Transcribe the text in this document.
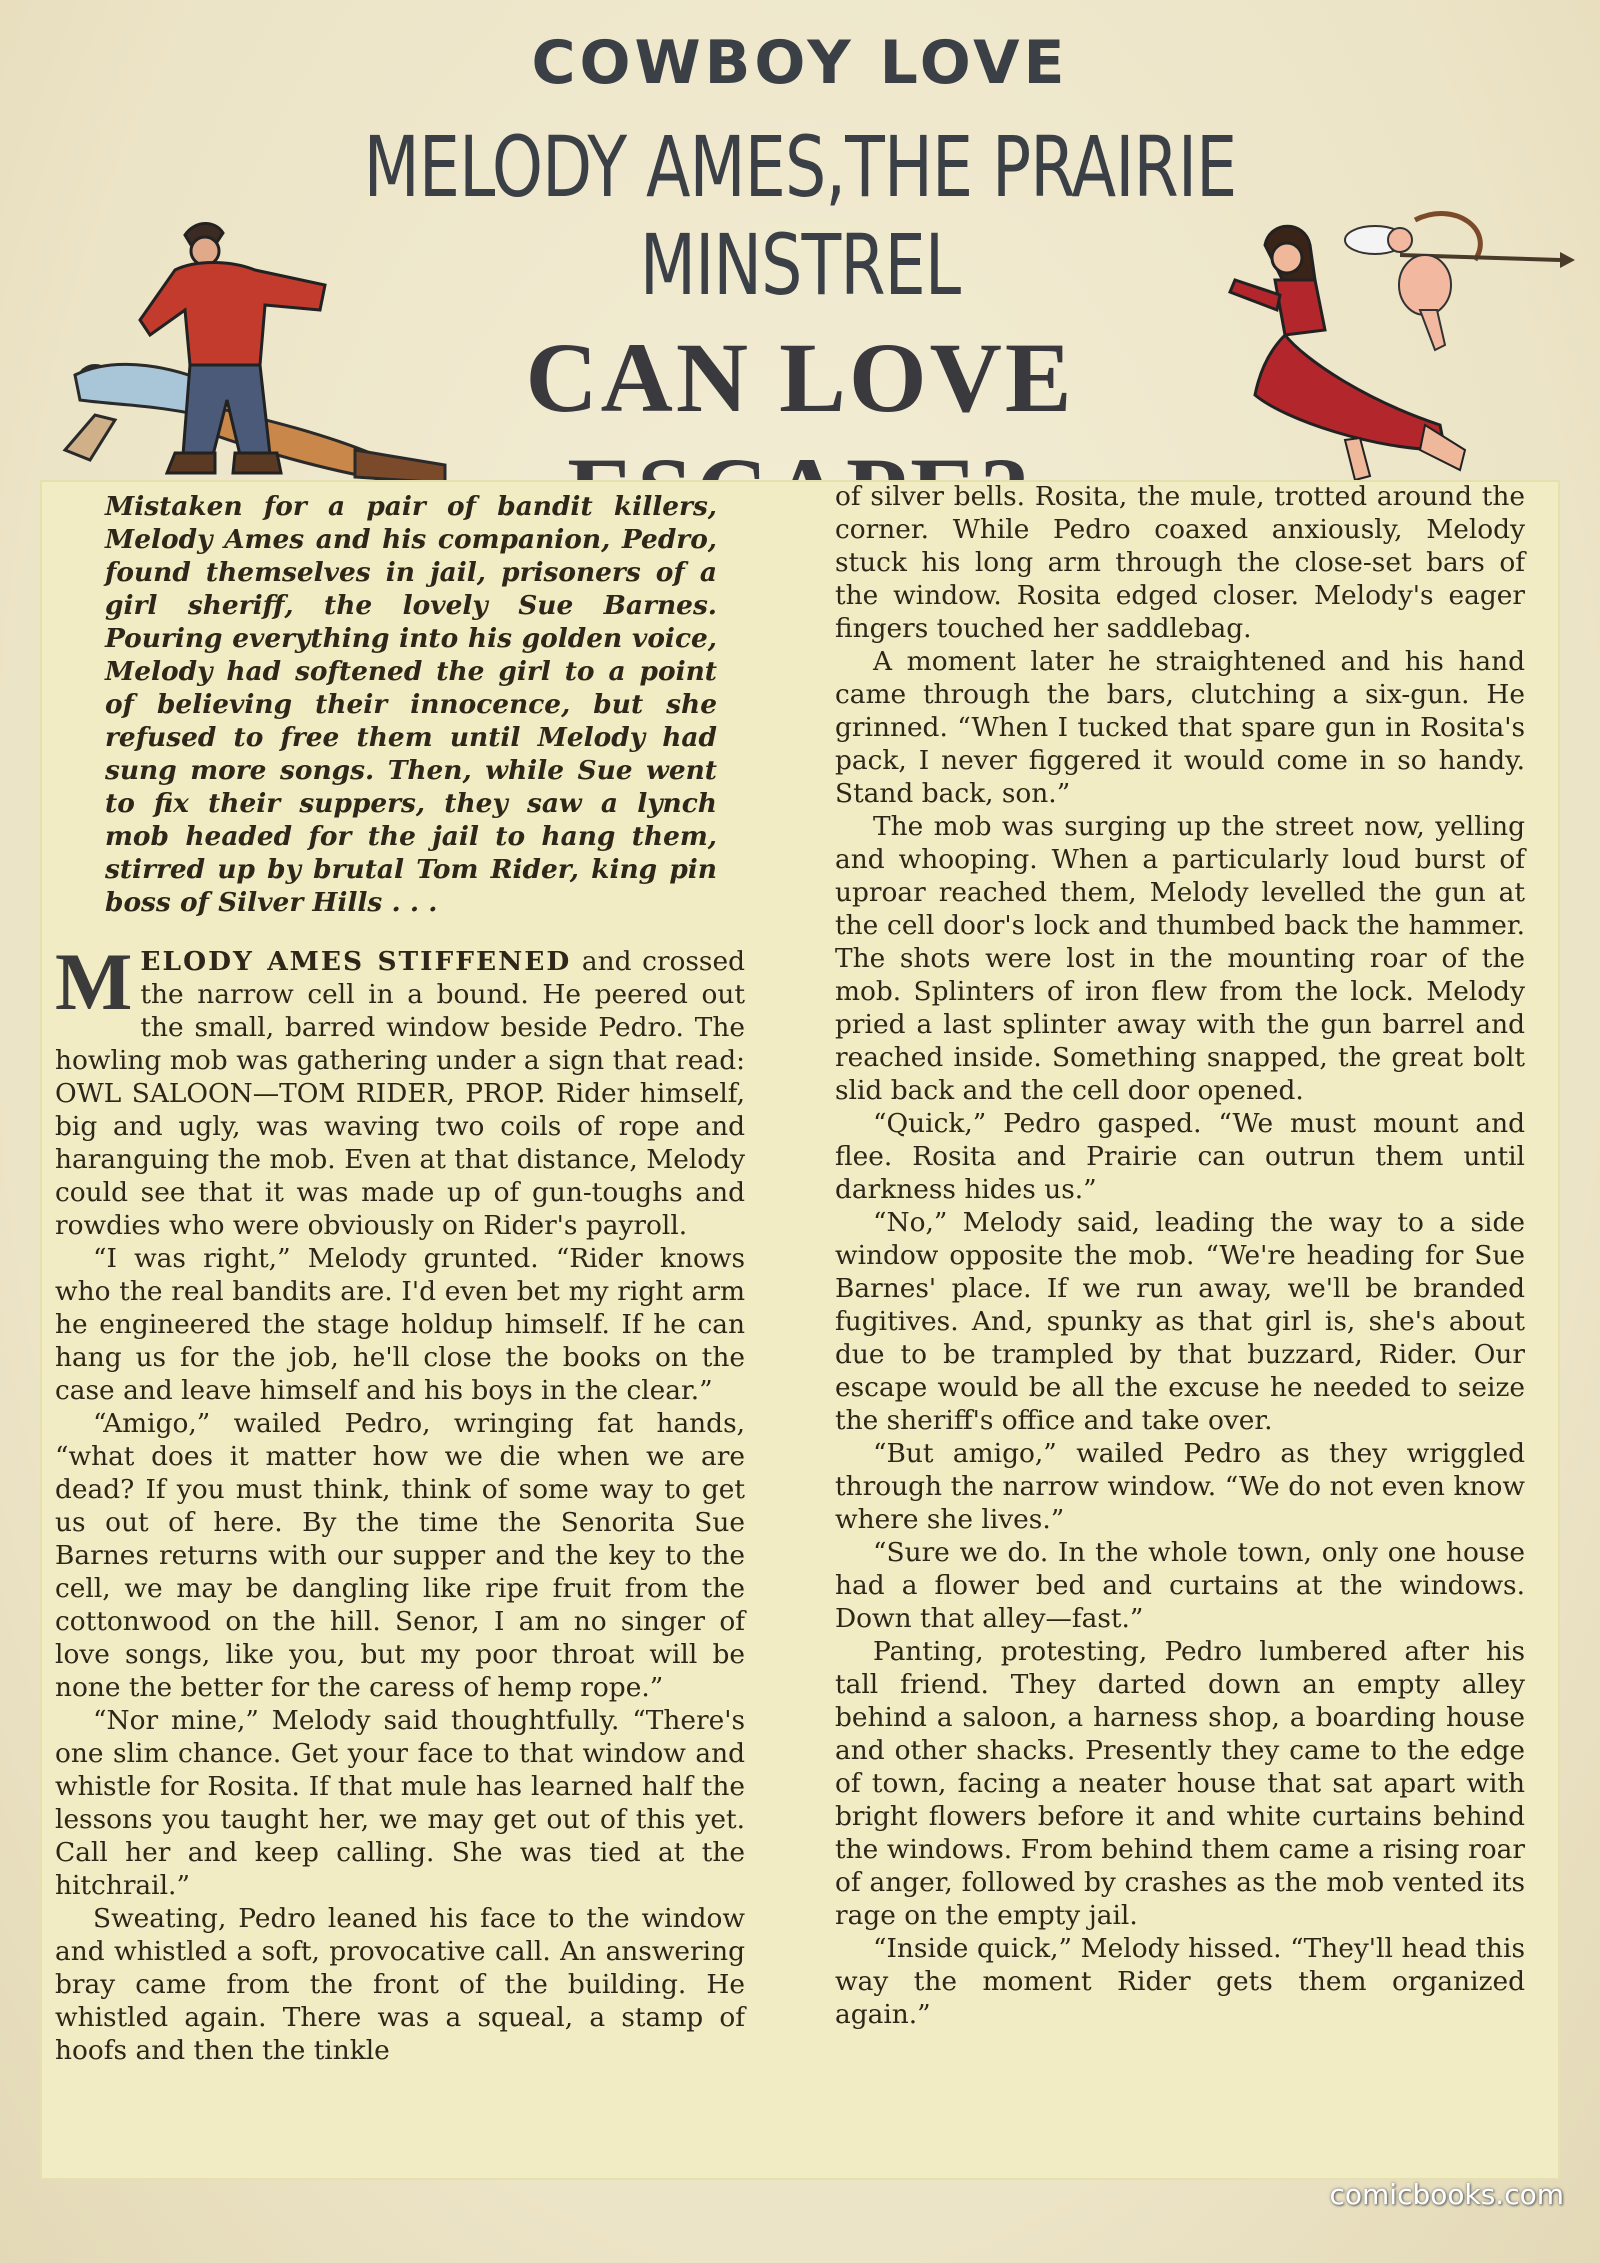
COWBOY LOVE
MELODY AMES,THE PRAIRIE MINSTREL
CAN LOVE

Mistaken for a pair of bandit killers, Melody Ames and his companion, Pedro, found themselves in jail, prisoners of a girl sheriff, the lovely Sue Barnes. Pouring everything into his golden voice, Melody had softened the girl to a point of believing their innocence, but she refused to free them until Melody had sung more songs. Then, while Sue went to fix their suppers, they saw a lynch mob headed for the jail to hang them, stirred up by brutal Tom Rider, king pin boss of Silver Hills . . .

MELODY AMES STIFFENED and crossed the narrow cell in a bound. He peered out the small, barred window beside Pedro. The howling mob was gathering under a sign that read: OWL SALOON—TOM RIDER, PROP. Rider himself, big and ugly, was waving two coils of rope and haranguing the mob. Even at that distance, Melody could see that it was made up of gun-toughs and rowdies who were obviously on Rider's payroll.

“I was right,” Melody grunted. “Rider knows who the real bandits are. I'd even bet my right arm he engineered the stage holdup himself. If he can hang us for the job, he'll close the books on the case and leave himself and his boys in the clear.”

“Amigo,” wailed Pedro, wringing fat hands, “what does it matter how we die when we are dead? If you must think, think of some way to get us out of here. By the time the Senorita Sue Barnes returns with our supper and the key to the cell, we may be dangling like ripe fruit from the cottonwood on the hill. Senor, I am no singer of love songs, like you, but my poor throat will be none the better for the caress of hemp rope.”

“Nor mine,” Melody said thoughtfully. “There's one slim chance. Get your face to that window and whistle for Rosita. If that mule has learned half the lessons you taught her, we may get out of this yet. Call her and keep calling. She was tied at the hitchrail.”

Sweating, Pedro leaned his face to the window and whistled a soft, provocative call. An answering bray came from the front of the building. He whistled again. There was a squeal, a stamp of hoofs and then the tinkle

of silver bells. Rosita, the mule, trotted around the corner. While Pedro coaxed anxiously, Melody stuck his long arm through the close-set bars of the window. Rosita edged closer. Melody's eager fingers touched her saddlebag.

A moment later he straightened and his hand came through the bars, clutching a six-gun. He grinned. “When I tucked that spare gun in Rosita's pack, I never figgered it would come in so handy. Stand back, son.”

The mob was surging up the street now, yelling and whooping. When a particularly loud burst of uproar reached them, Melody levelled the gun at the cell door's lock and thumbed back the hammer. The shots were lost in the mounting roar of the mob. Splinters of iron flew from the lock. Melody pried a last splinter away with the gun barrel and reached inside. Something snapped, the great bolt slid back and the cell door opened.

“Quick,” Pedro gasped. “We must mount and flee. Rosita and Prairie can outrun them until darkness hides us.”

“No,” Melody said, leading the way to a side window opposite the mob. “We're heading for Sue Barnes' place. If we run away, we'll be branded fugitives. And, spunky as that girl is, she's about due to be trampled by that buzzard, Rider. Our escape would be all the excuse he needed to seize the sheriff's office and take over.

“But amigo,” wailed Pedro as they wriggled through the narrow window. “We do not even know where she lives.”

“Sure we do. In the whole town, only one house had a flower bed and curtains at the windows. Down that alley—fast.”

Panting, protesting, Pedro lumbered after his tall friend. They darted down an empty alley behind a saloon, a harness shop, a boarding house and other shacks. Presently they came to the edge of town, facing a neater house that sat apart with bright flowers before it and white curtains behind the windows. From behind them came a rising roar of anger, followed by crashes as the mob vented its rage on the empty jail.

“Inside quick,” Melody hissed. “They'll head this way the moment Rider gets them organized again.”

comicbooks.com
